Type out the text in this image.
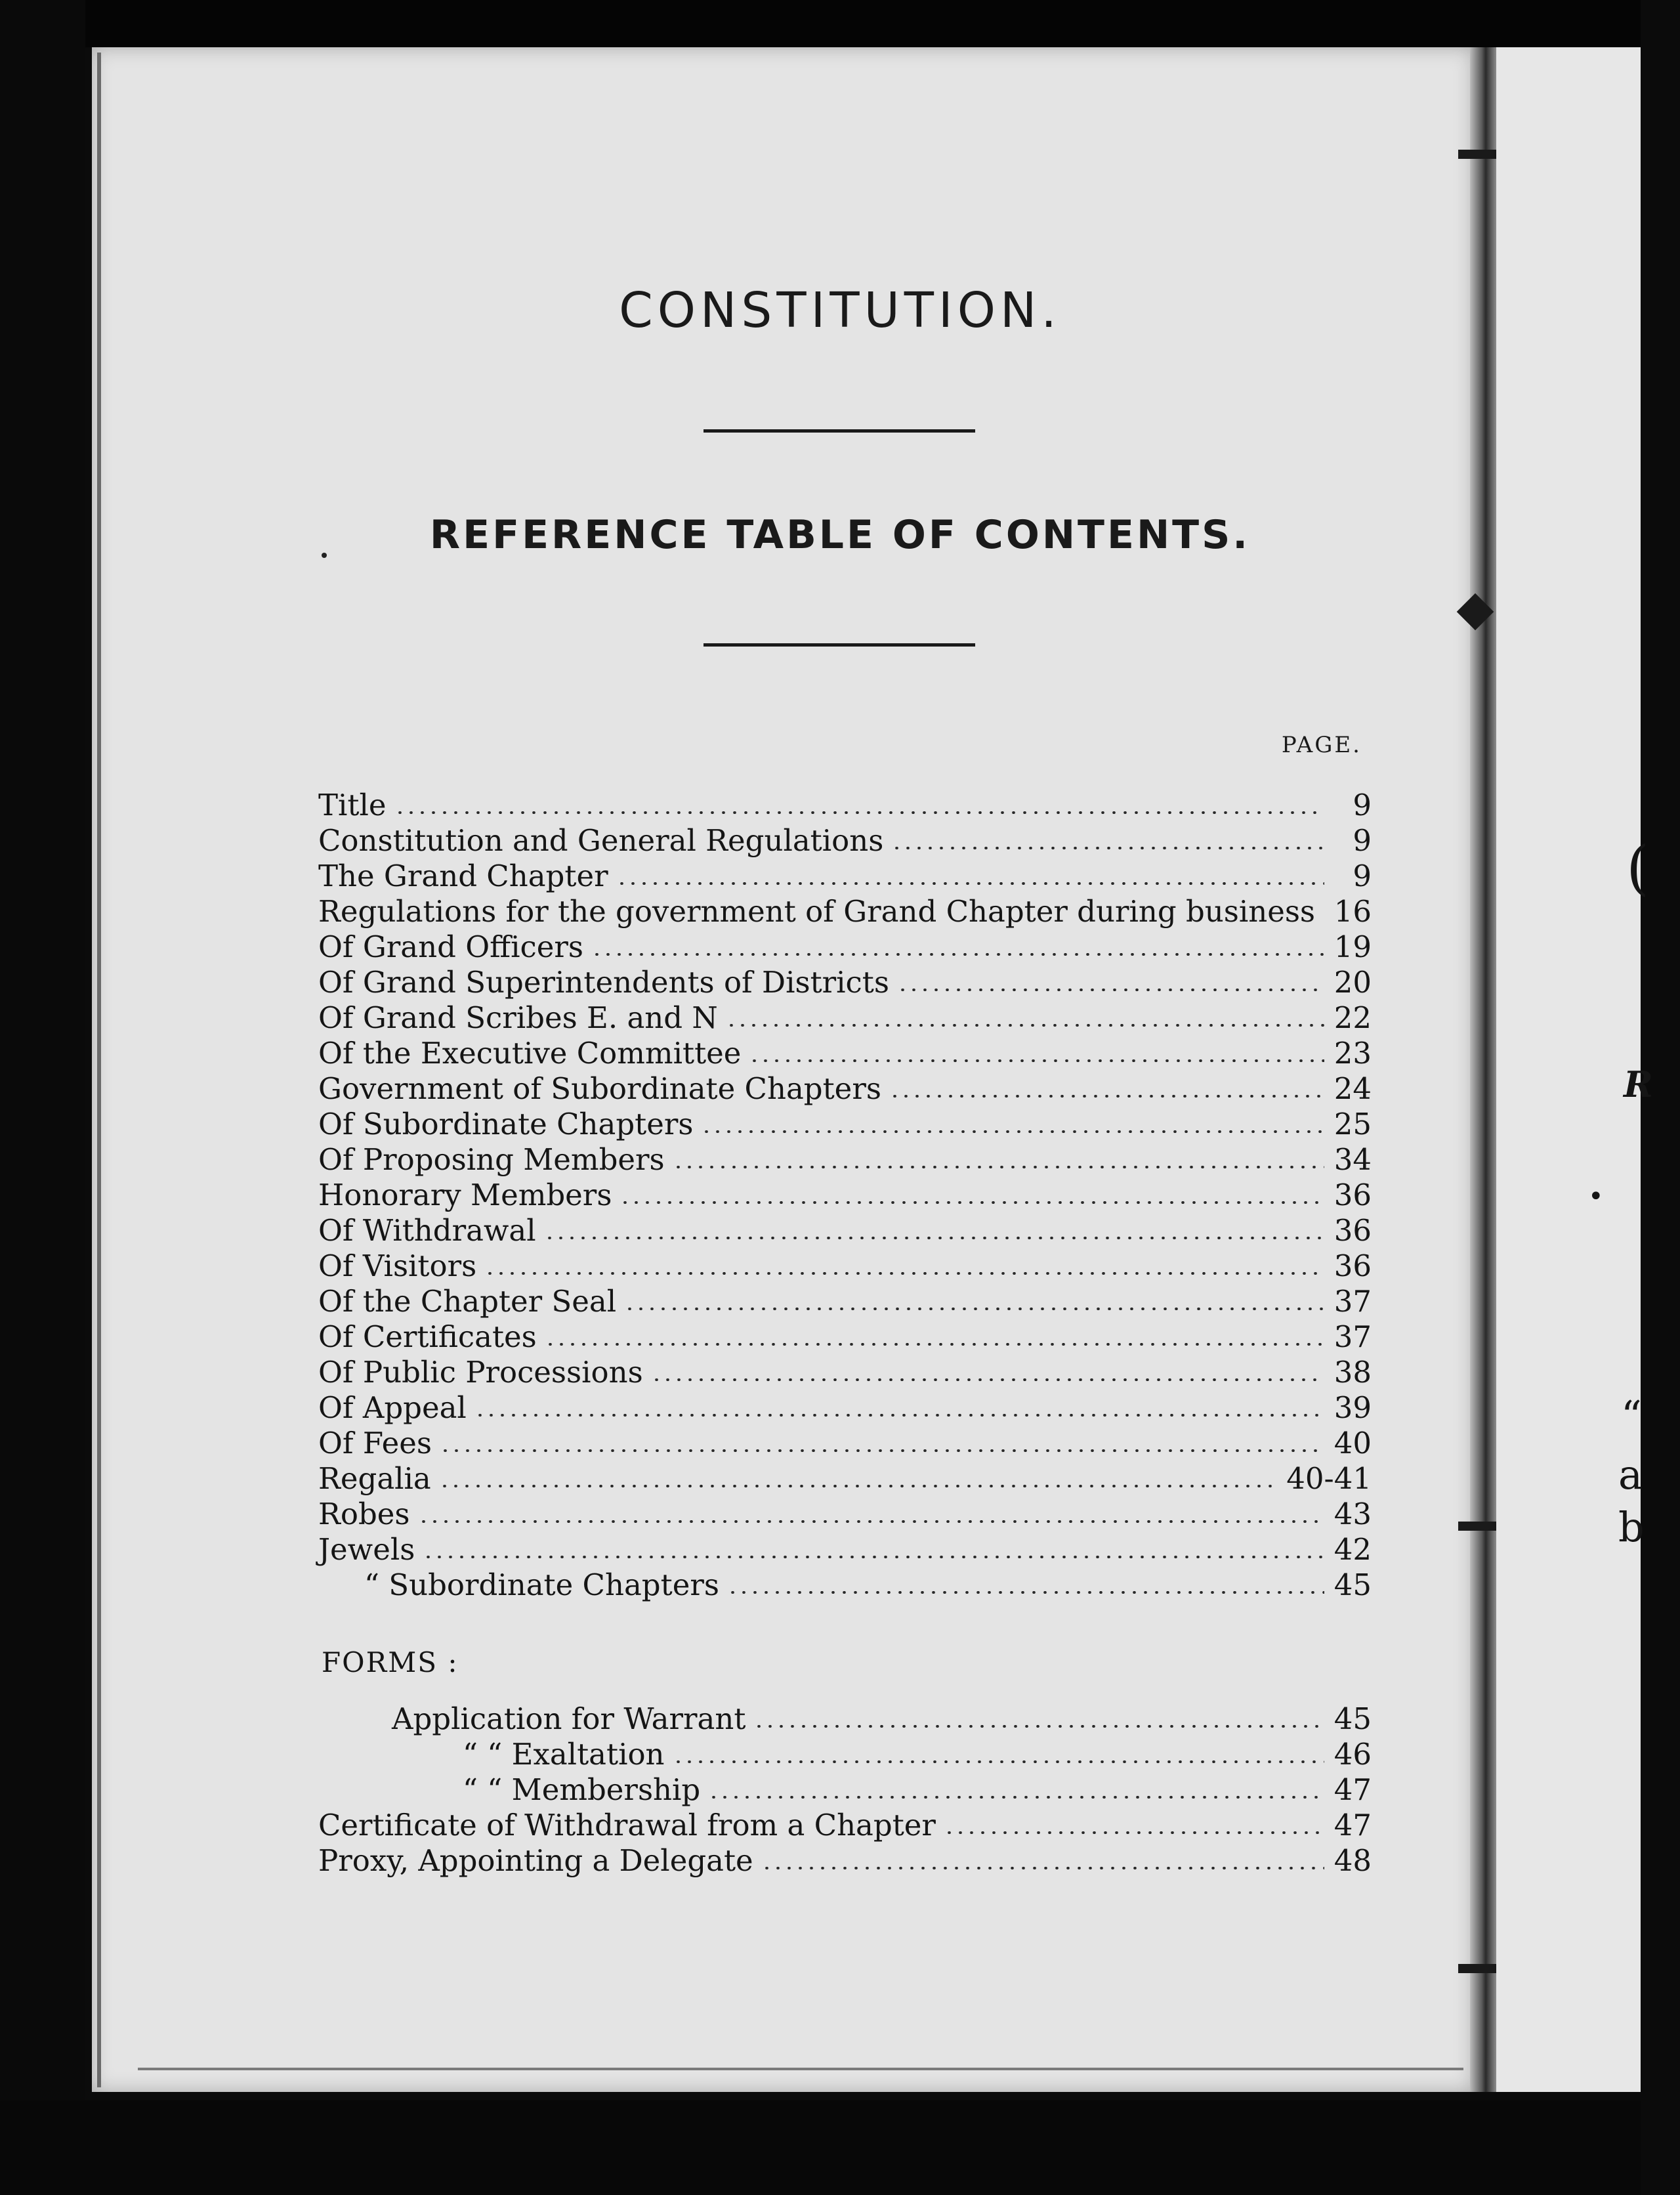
(
R
•
“
a
b
CONSTITUTION.
REFERENCE TABLE OF CONTENTS.
PAGE.
Title	9
Constitution and General Regulations	9
The Grand Chapter	9
Regulations for the government of Grand Chapter during business 16
Of Grand Officers	19
Of Grand Superintendents of Districts	20
Of Grand Scribes E. and N	22
Of the Executive Committee	23
Government of Subordinate Chapters	24
Of Subordinate Chapters	25
Of Proposing Members	34
Honorary Members	36
Of Withdrawal	36
Of Visitors	36
Of the Chapter Seal	37
Of Certificates	37
Of Public Processions	38
Of Appeal	39
Of Fees	40
Regalia	40-41
Robes	43
Jewels	42
“ Subordinate Chapters	45
FORMS :
Application for Warrant	45
“ “ Exaltation	46
“ “ Membership	47
Certificate of Withdrawal from a Chapter	47
Proxy, Appointing a Delegate	48
